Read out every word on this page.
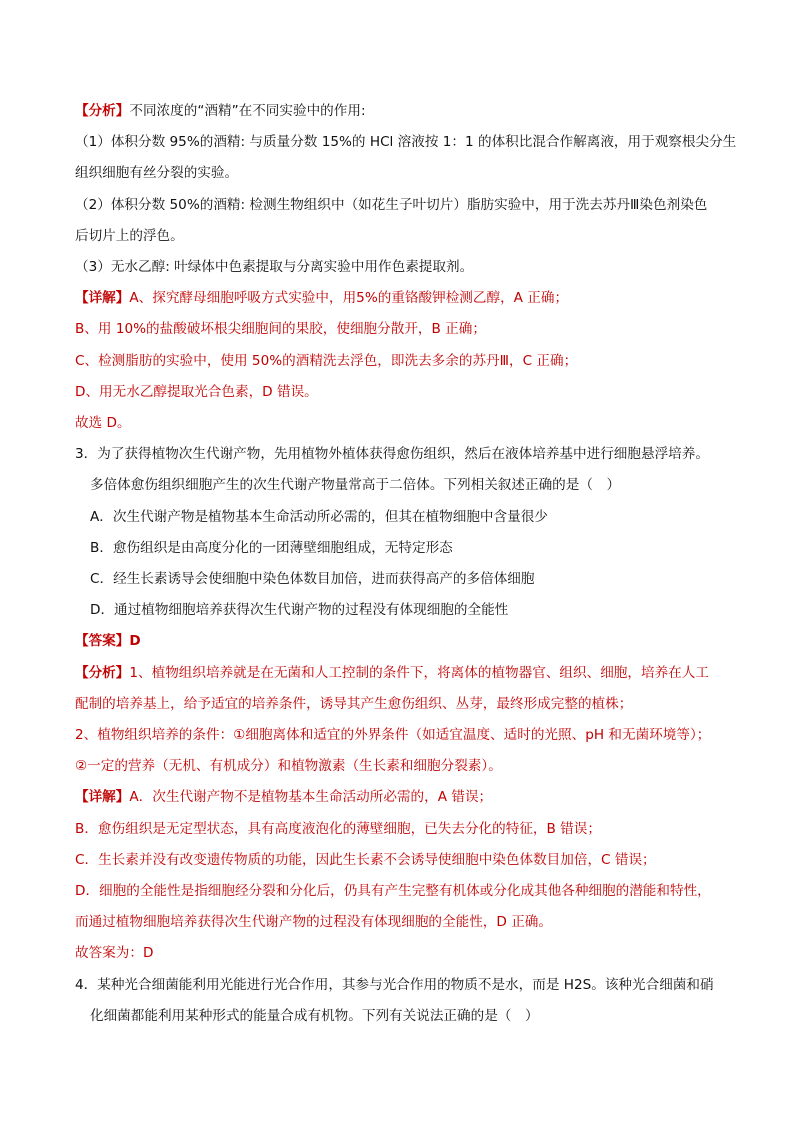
【分析】不同浓度的“酒精”在不同实验中的作用:
（1）体积分数 95%的酒精: 与质量分数 15%的 HCl 溶液按 1：1 的体积比混合作解离液，用于观察根尖分生
组织细胞有丝分裂的实验。
（2）体积分数 50%的酒精: 检测生物组织中（如花生子叶切片）脂肪实验中，用于洗去苏丹Ⅲ染色剂染色
后切片上的浮色。
（3）无水乙醇: 叶绿体中色素提取与分离实验中用作色素提取剂。
【详解】A、探究酵母细胞呼吸方式实验中，用5%的重铬酸钾检测乙醇，A 正确；
B、用 10%的盐酸破坏根尖细胞间的果胶，使细胞分散开，B 正确；
C、检测脂肪的实验中，使用 50%的酒精洗去浮色，即洗去多余的苏丹Ⅲ，C 正确；
D、用无水乙醇提取光合色素，D 错误。
故选 D。
3．为了获得植物次生代谢产物，先用植物外植体获得愈伤组织，然后在液体培养基中进行细胞悬浮培养。
多倍体愈伤组织细胞产生的次生代谢产物量常高于二倍体。下列相关叙述正确的是（　）
A．次生代谢产物是植物基本生命活动所必需的，但其在植物细胞中含量很少
B．愈伤组织是由高度分化的一团薄壁细胞组成，无特定形态
C．经生长素诱导会使细胞中染色体数目加倍，进而获得高产的多倍体细胞
D．通过植物细胞培养获得次生代谢产物的过程没有体现细胞的全能性
【答案】D
【分析】1、植物组织培养就是在无菌和人工控制的条件下，将离体的植物器官、组织、细胞，培养在人工
配制的培养基上，给予适宜的培养条件，诱导其产生愈伤组织、丛芽，最终形成完整的植株；
2、植物组织培养的条件：①细胞离体和适宜的外界条件（如适宜温度、适时的光照、pH 和无菌环境等）；
②一定的营养（无机、有机成分）和植物激素（生长素和细胞分裂素）。
【详解】A．次生代谢产物不是植物基本生命活动所必需的，A 错误；
B．愈伤组织是无定型状态，具有高度液泡化的薄壁细胞，已失去分化的特征，B 错误；
C．生长素并没有改变遗传物质的功能，因此生长素不会诱导使细胞中染色体数目加倍，C 错误；
D．细胞的全能性是指细胞经分裂和分化后，仍具有产生完整有机体或分化成其他各种细胞的潜能和特性，
而通过植物细胞培养获得次生代谢产物的过程没有体现细胞的全能性，D 正确。
故答案为：D
4．某种光合细菌能利用光能进行光合作用，其参与光合作用的物质不是水，而是 H2S。该种光合细菌和硝
化细菌都能利用某种形式的能量合成有机物。下列有关说法正确的是（　）
